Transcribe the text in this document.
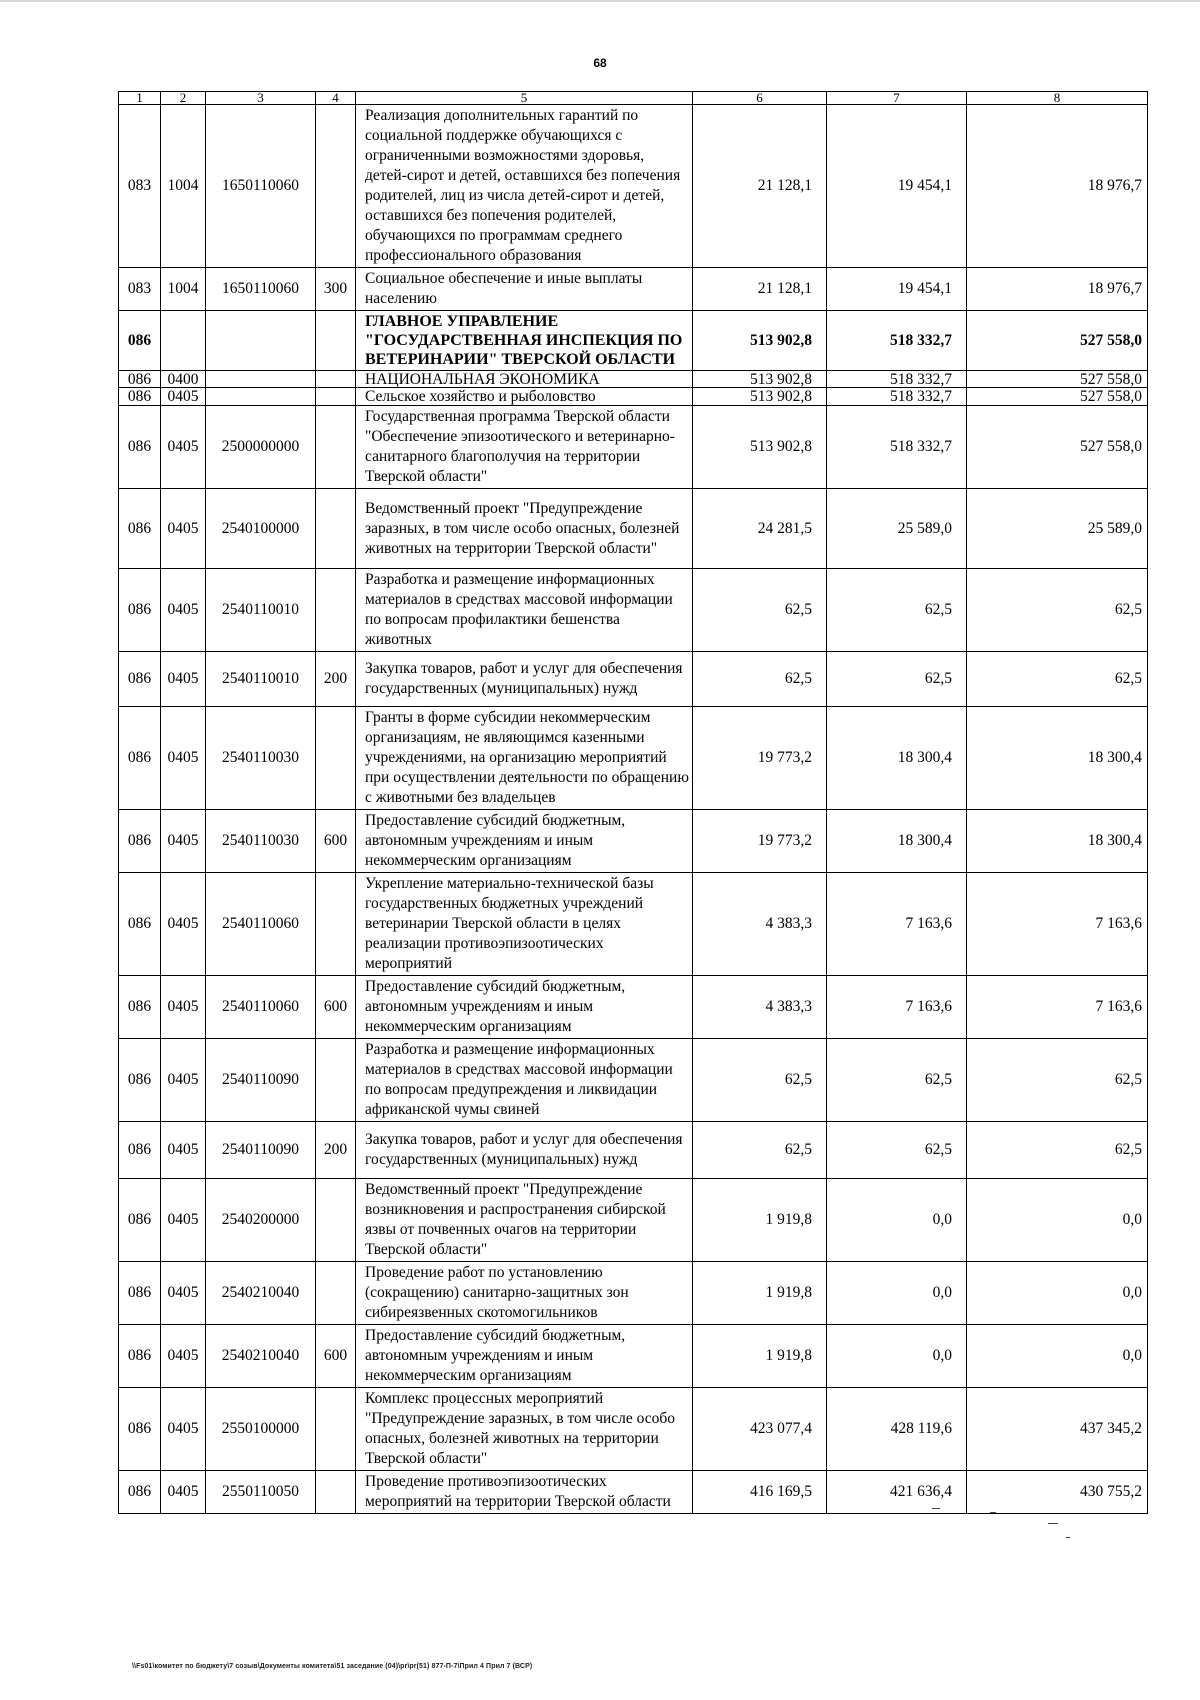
68
1	2	3	4	5	6	7	8
083	1004	1650110060		Реализация дополнительных гарантий по социальной поддержке обучающихся с ограниченными возможностями здоровья, детей-сирот и детей, оставшихся без попечения родителей, лиц из числа детей-сирот и детей, оставшихся без попечения родителей, обучающихся по программам среднего профессионального образования	21 128,1	19 454,1	18 976,7
083	1004	1650110060	300	Социальное обеспечение и иные выплаты населению	21 128,1	19 454,1	18 976,7
086				ГЛАВНОЕ УПРАВЛЕНИЕ "ГОСУДАРСТВЕННАЯ ИНСПЕКЦИЯ ПО ВЕТЕРИНАРИИ" ТВЕРСКОЙ ОБЛАСТИ	513 902,8	518 332,7	527 558,0
086	0400			НАЦИОНАЛЬНАЯ ЭКОНОМИКА	513 902,8	518 332,7	527 558,0
086	0405			Сельское хозяйство и рыболовство	513 902,8	518 332,7	527 558,0
086	0405	2500000000		Государственная программа Тверской области "Обеспечение эпизоотического и ветеринарно-санитарного благополучия на территории Тверской области"	513 902,8	518 332,7	527 558,0
086	0405	2540100000		Ведомственный проект "Предупреждение заразных, в том числе особо опасных, болезней животных на территории Тверской области"	24 281,5	25 589,0	25 589,0
086	0405	2540110010		Разработка и размещение информационных материалов в средствах массовой информации по вопросам профилактики бешенства животных	62,5	62,5	62,5
086	0405	2540110010	200	Закупка товаров, работ и услуг для обеспечения государственных (муниципальных) нужд	62,5	62,5	62,5
086	0405	2540110030		Гранты в форме субсидии некоммерческим организациям, не являющимся казенными учреждениями, на организацию мероприятий при осуществлении деятельности по обращению с животными без владельцев	19 773,2	18 300,4	18 300,4
086	0405	2540110030	600	Предоставление субсидий бюджетным, автономным учреждениям и иным некоммерческим организациям	19 773,2	18 300,4	18 300,4
086	0405	2540110060		Укрепление материально-технической базы государственных бюджетных учреждений ветеринарии Тверской области в целях реализации противоэпизоотических мероприятий	4 383,3	7 163,6	7 163,6
086	0405	2540110060	600	Предоставление субсидий бюджетным, автономным учреждениям и иным некоммерческим организациям	4 383,3	7 163,6	7 163,6
086	0405	2540110090		Разработка и размещение информационных материалов в средствах массовой информации по вопросам предупреждения и ликвидации африканской чумы свиней	62,5	62,5	62,5
086	0405	2540110090	200	Закупка товаров, работ и услуг для обеспечения государственных (муниципальных) нужд	62,5	62,5	62,5
086	0405	2540200000		Ведомственный проект "Предупреждение возникновения и распространения сибирской язвы от почвенных очагов на территории Тверской области"	1 919,8	0,0	0,0
086	0405	2540210040		Проведение работ по установлению (сокращению) санитарно-защитных зон сибиреязвенных скотомогильников	1 919,8	0,0	0,0
086	0405	2540210040	600	Предоставление субсидий бюджетным, автономным учреждениям и иным некоммерческим организациям	1 919,8	0,0	0,0
086	0405	2550100000		Комплекс процессных мероприятий "Предупреждение заразных, в том числе особо опасных, болезней животных на территории Тверской области"	423 077,4	428 119,6	437 345,2
086	0405	2550110050		Проведение противоэпизоотических мероприятий на территории Тверской области	416 169,5	421 636,4	430 755,2
\\Fs01\комитет по бюджету\7 созыв\Документы комитета\51 заседание (04)\pr\pr(51) 877-П-7\Прил 4 Прил 7 (ВСР)
